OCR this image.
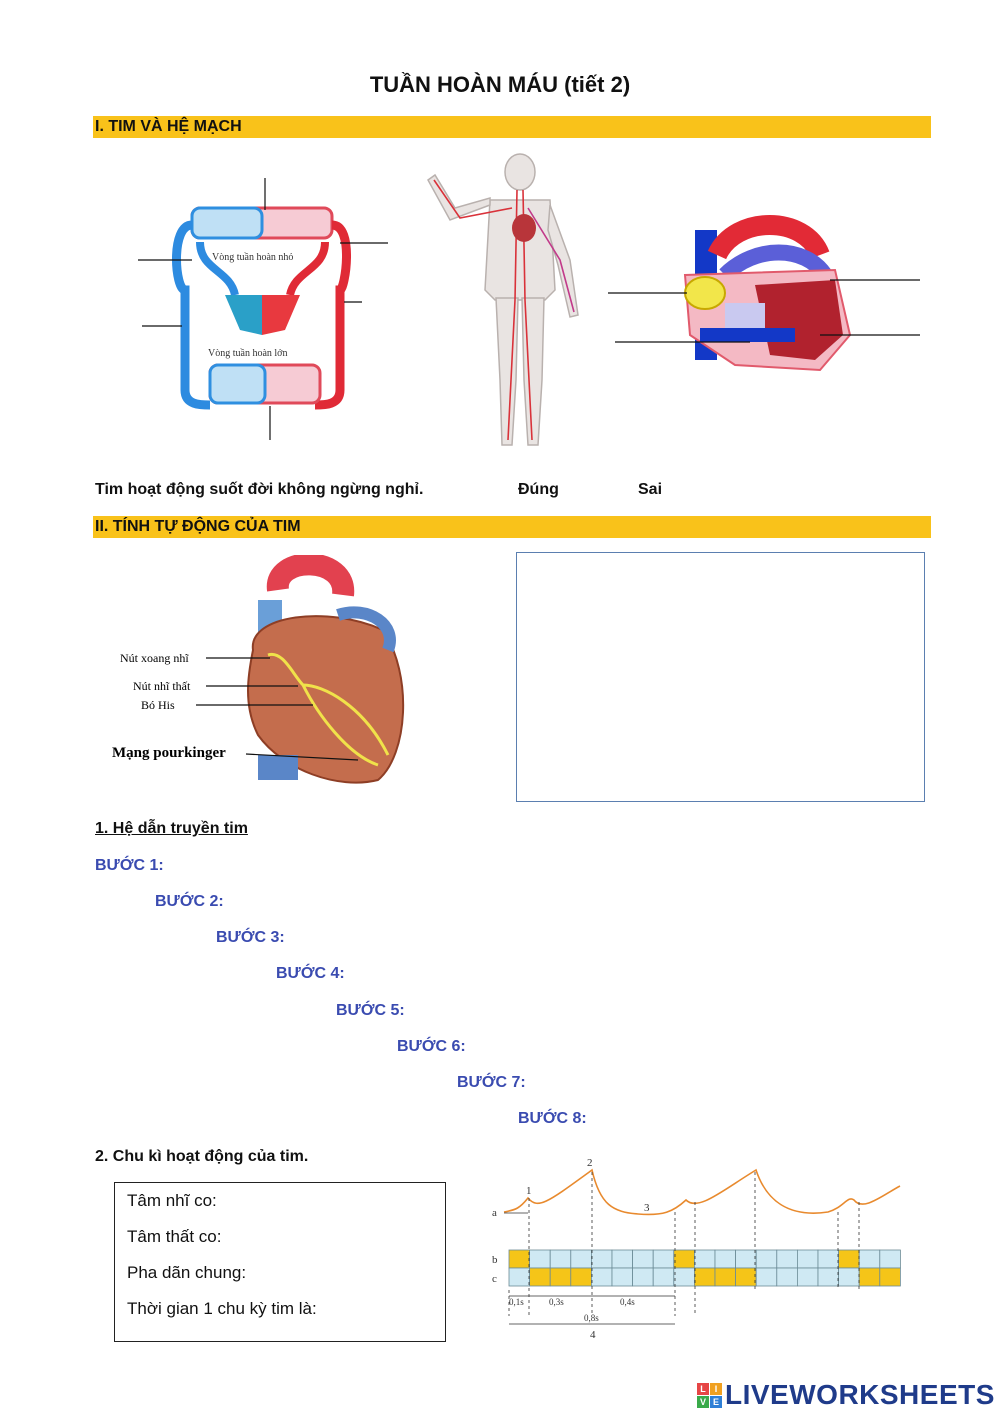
TUẦN HOÀN MÁU (tiết 2)
I. TIM VÀ HỆ MẠCH
Vòng tuần hoàn nhỏ
Vòng tuần hoàn lớn
Tim hoạt động suốt đời không ngừng nghỉ.	Đúng	Sai
II. TÍNH TỰ ĐỘNG CỦA TIM
Nút xoang nhĩ
Nút nhĩ thất
Bó His
Mạng pourkinger
1. Hệ dẫn truyền tim
BƯỚC 1:
BƯỚC 2:
BƯỚC 3:
BƯỚC 4:
BƯỚC 5:
BƯỚC 6:
BƯỚC 7:
BƯỚC 8:
2. Chu kì hoạt động của tim.
Tâm nhĩ co:
Tâm thất co:
Pha dãn chung:
Thời gian 1 chu kỳ tim là:
a
b
c
1
2
3
4
0,1s	0,3s	0,4s
0,8s
L I
V E LIVEWORKSHEETS
